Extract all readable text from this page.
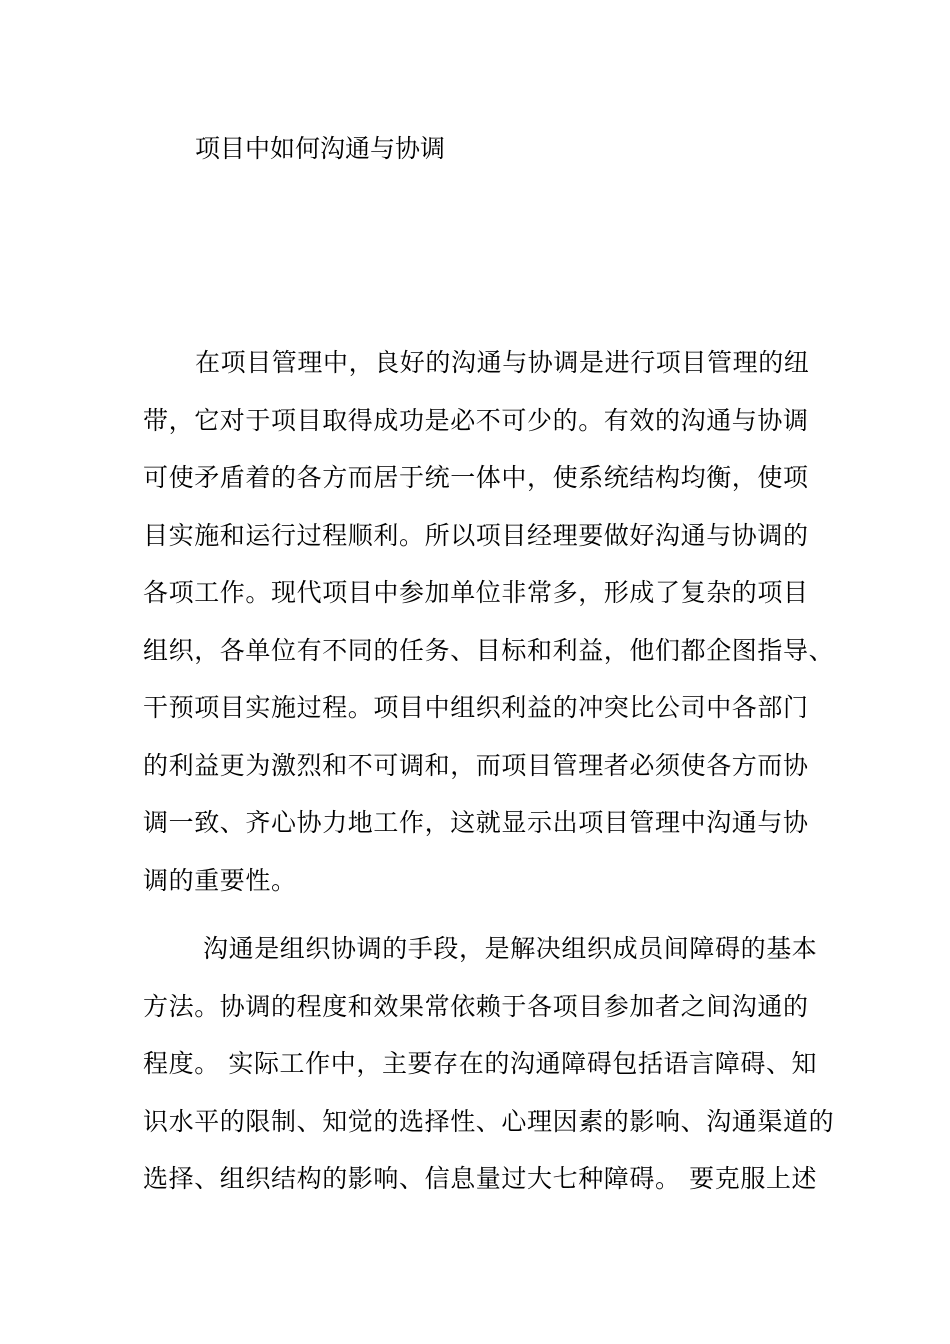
项目中如何沟通与协调
在项目管理中，良好的沟通与协调是进行项目管理的纽
带，它对于项目取得成功是必不可少的。有效的沟通与协调
可使矛盾着的各方而居于统一体中，使系统结构均衡，使项
目实施和运行过程顺利。所以项目经理要做好沟通与协调的
各项工作。现代项目中参加单位非常多，形成了复杂的项目
组织，各单位有不同的任务、目标和利益，他们都企图指导、
干预项目实施过程。项目中组织利益的冲突比公司中各部门
的利益更为激烈和不可调和，而项目管理者必须使各方而协
调一致、齐心协力地工作，这就显示出项目管理中沟通与协
调的重要性。
沟通是组织协调的手段，是解决组织成员间障碍的基本
方法。协调的程度和效果常依赖于各项目参加者之间沟通的
程度。 实际工作中，主要存在的沟通障碍包括语言障碍、知
识水平的限制、知觉的选择性、心理因素的影响、沟通渠道的
选择、组织结构的影响、信息量过大七种障碍。 要克服上述
